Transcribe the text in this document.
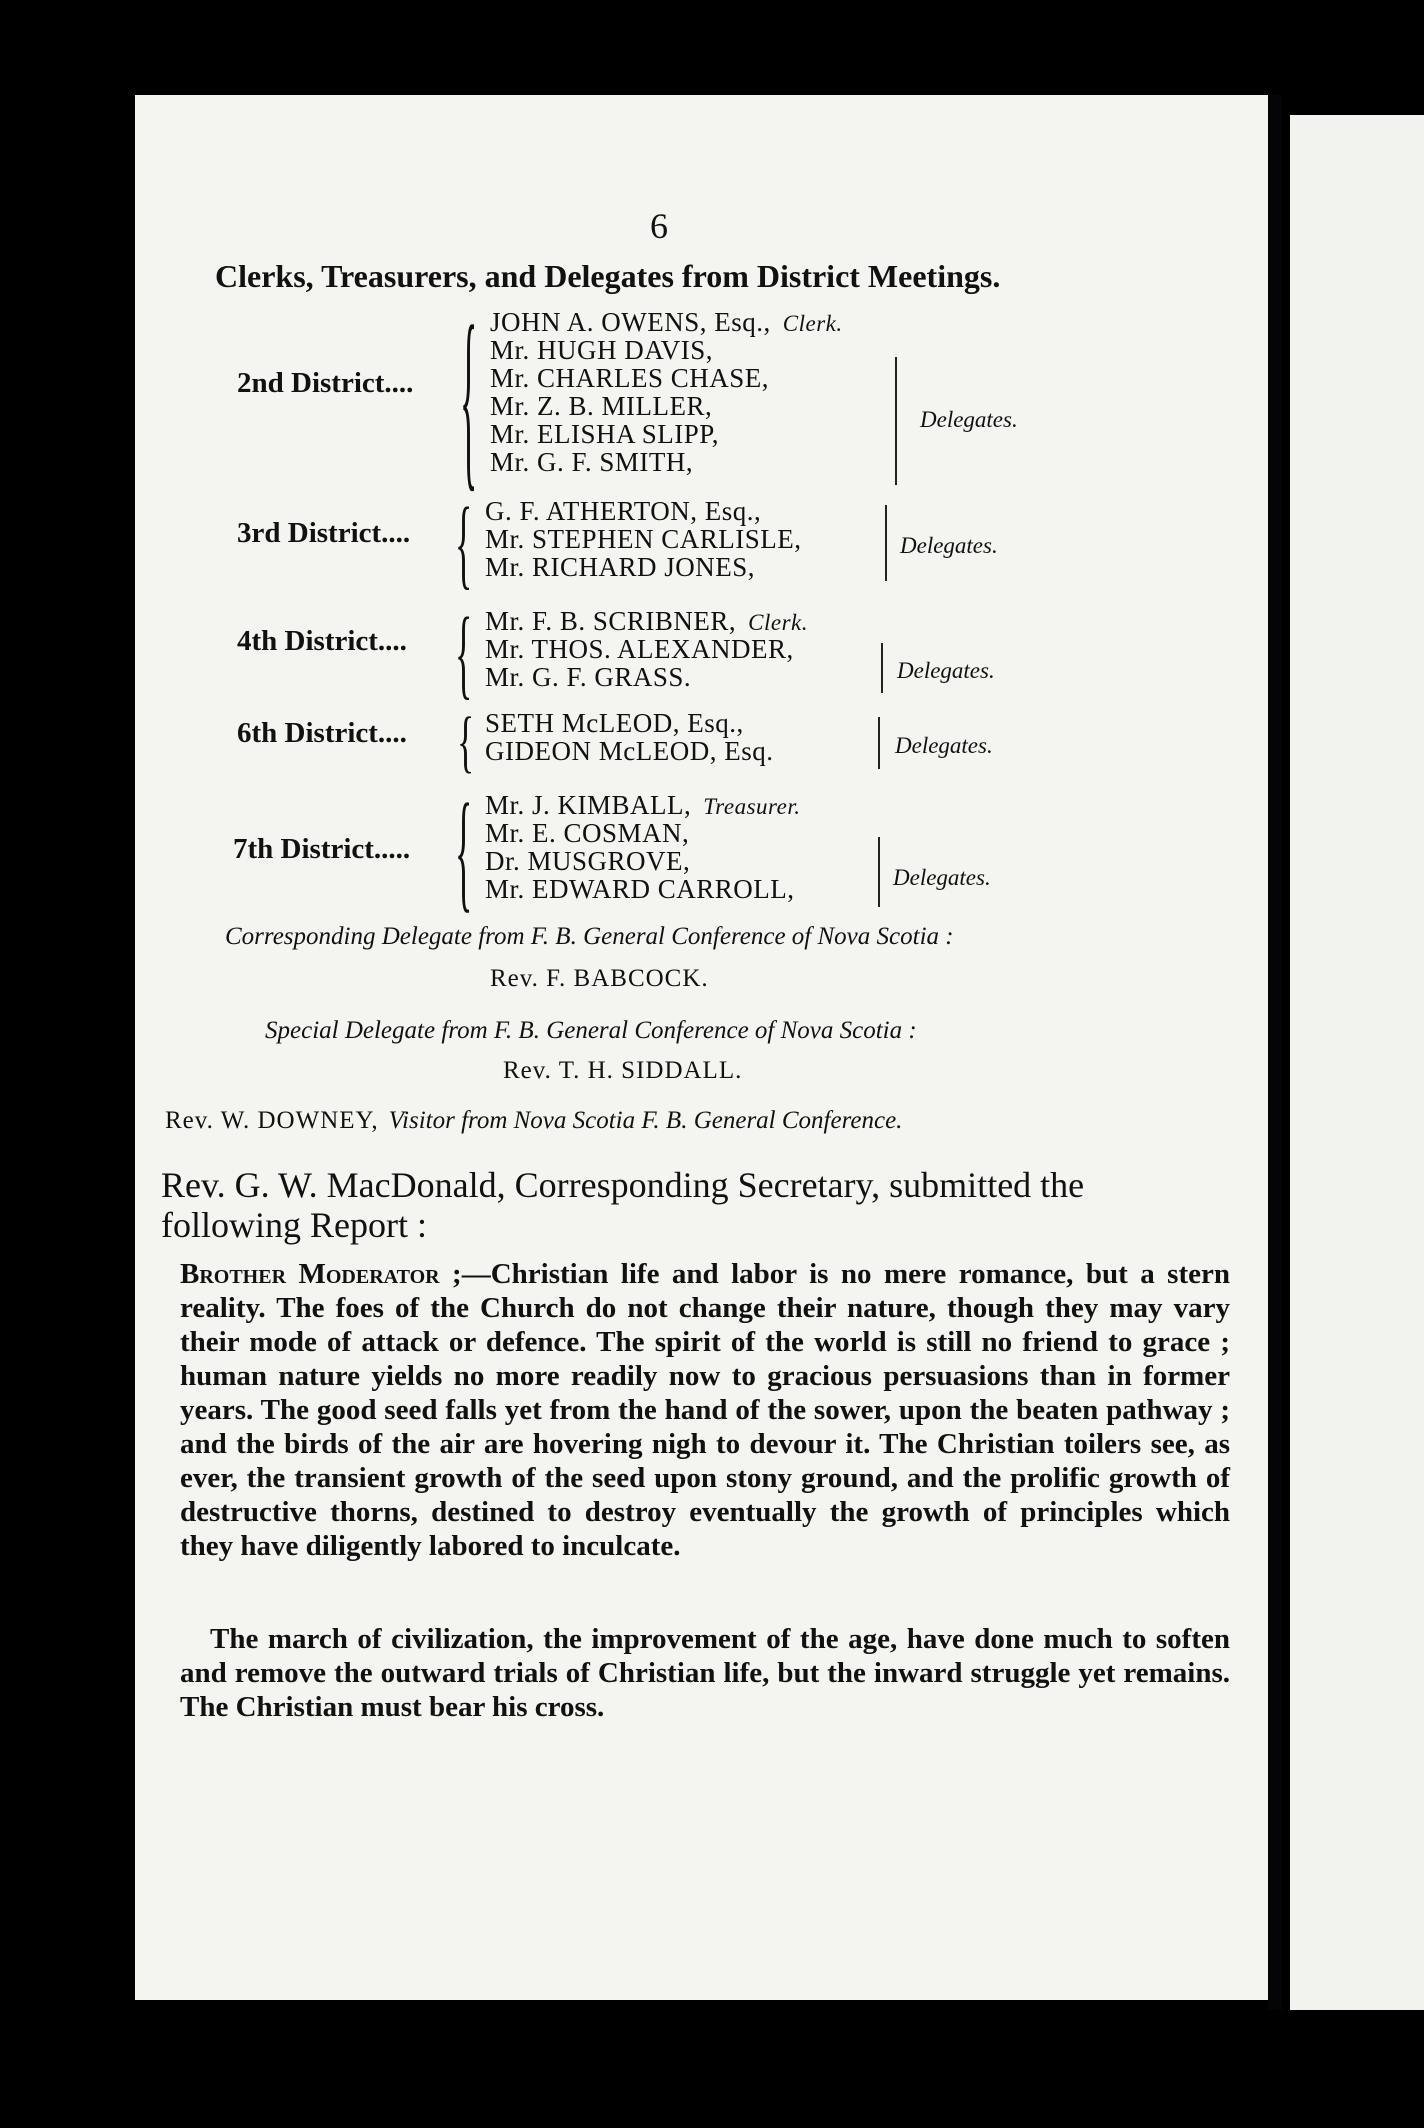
6
Clerks, Treasurers, and Delegates from District Meetings.
2nd District.... { JOHN A. OWENS, Esq., Clerk.
Mr. HUGH DAVIS,
Mr. CHARLES CHASE,
Mr. Z. B. MILLER,
Mr. ELISHA SLIPP,
Mr. G. F. SMITH,
Delegates.
3rd District.... { G. F. ATHERTON, Esq.,
Mr. STEPHEN CARLISLE,
Mr. RICHARD JONES,
Delegates.
4th District.... { Mr. F. B. SCRIBNER, Clerk.
Mr. THOS. ALEXANDER,
Mr. G. F. GRASS.	Delegates.
6th District.... { SETH McLEOD, Esq.,
GIDEON McLEOD, Esq.	Delegates.
7th District..... { Mr. J. KIMBALL, Treasurer.
Mr. E. COSMAN,
Dr. MUSGROVE,
Mr. EDWARD CARROLL,	Delegates.
Corresponding Delegate from F. B. General Conference of Nova Scotia :
Rev. F. BABCOCK.
Special Delegate from F. B. General Conference of Nova Scotia :
Rev. T. H. SIDDALL.
Rev. W. DOWNEY, Visitor from Nova Scotia F. B. General Conference.
Rev. G. W. MacDonald, Corresponding Secretary, submitted the following Report :
Brother Moderator ;—Christian life and labor is no mere romance, but a stern reality. The foes of the Church do not change their nature, though they may vary their mode of attack or defence. The spirit of the world is still no friend to grace ; human nature yields no more readily now to gracious persuasions than in former years. The good seed falls yet from the hand of the sower, upon the beaten pathway ; and the birds of the air are hovering nigh to devour it. The Christian toilers see, as ever, the transient growth of the seed upon stony ground, and the prolific growth of destructive thorns, destined to destroy eventually the growth of principles which they have diligently labored to inculcate.
The march of civilization, the improvement of the age, have done much to soften and remove the outward trials of Christian life, but the inward struggle yet remains. The Christian must bear his cross.
